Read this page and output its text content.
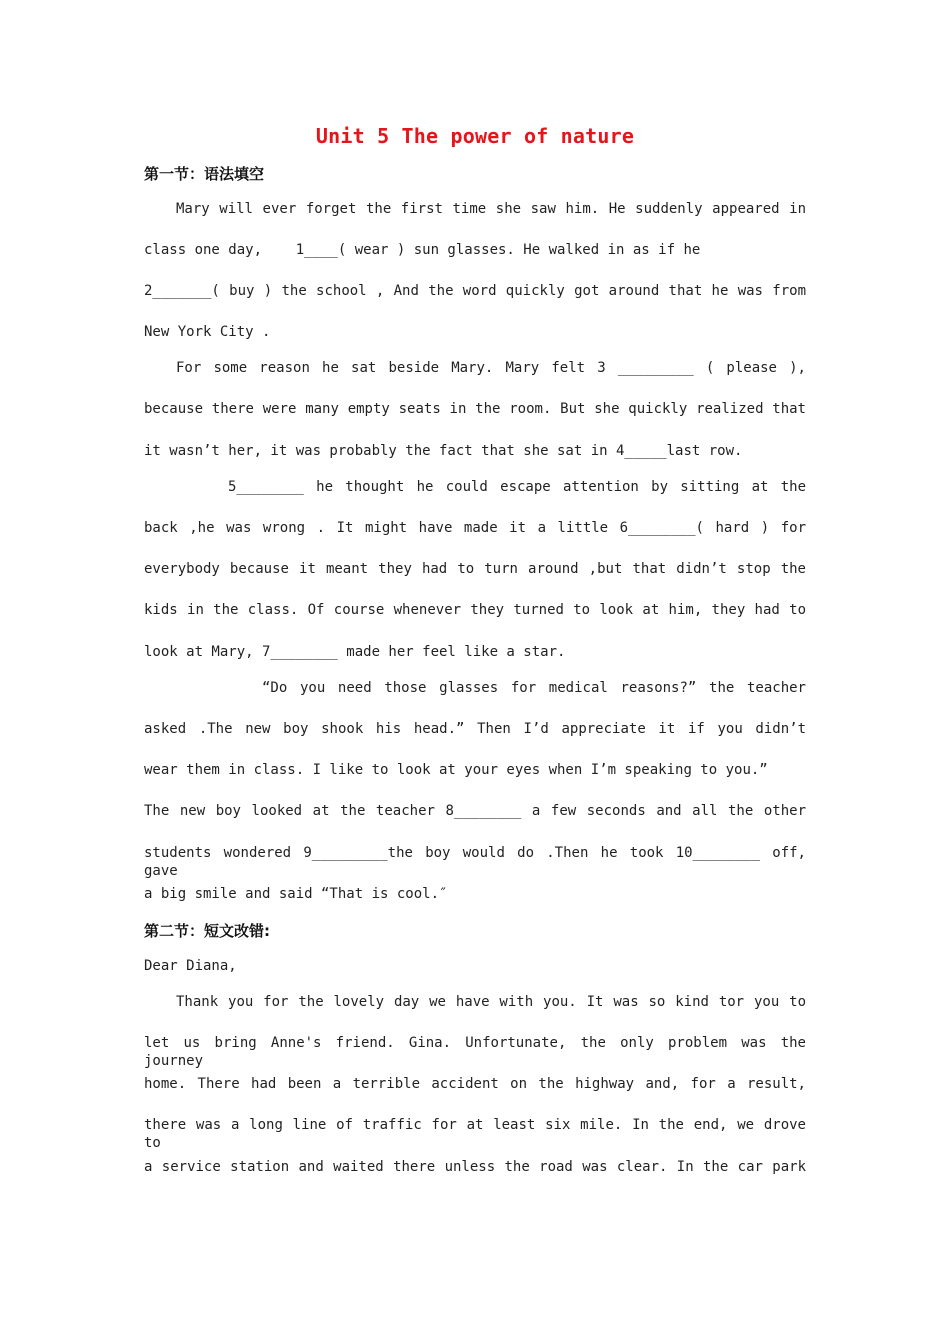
Unit 5 The power of nature
第一节：语法填空
Mary will ever forget the first time she saw him. He suddenly appeared in
class one day,    1____( wear ) sun glasses. He walked in as if he
2_______( buy ) the school , And the word quickly got around that he was from
New York City .
For some reason he sat beside Mary. Mary felt 3 _________ ( please ),
because there were many empty seats in the room. But she quickly realized that
it wasn’t her, it was probably the fact that she sat in 4_____last row.
5________ he thought he could escape attention by sitting at the
back ,he was wrong . It might have made it a little 6________( hard ) for
everybody because it meant they had to turn around ,but that didn’t stop the
kids in the class. Of course whenever they turned to look at him, they had to
look at Mary, 7________ made her feel like a star.
“Do you need those glasses for medical reasons?” the teacher
asked .The new boy shook his head.” Then I’d appreciate it if you didn’t
wear them in class. I like to look at your eyes when I’m speaking to you.”
The new boy looked at the teacher 8________ a few seconds and all the other
students wondered 9_________the boy would do .Then he took 10________ off, gave
a big smile and said “That is cool.″
第二节：短文改错:
Dear Diana,
Thank you for the lovely day we have with you. It was so kind tor you to
let us bring Anne's friend. Gina. Unfortunate, the only problem was the journey
home. There had been a terrible accident on the highway and, for a result,
there was a long line of traffic for at least six mile. In the end, we drove to
a service station and waited there unless the road was clear. In the car park
